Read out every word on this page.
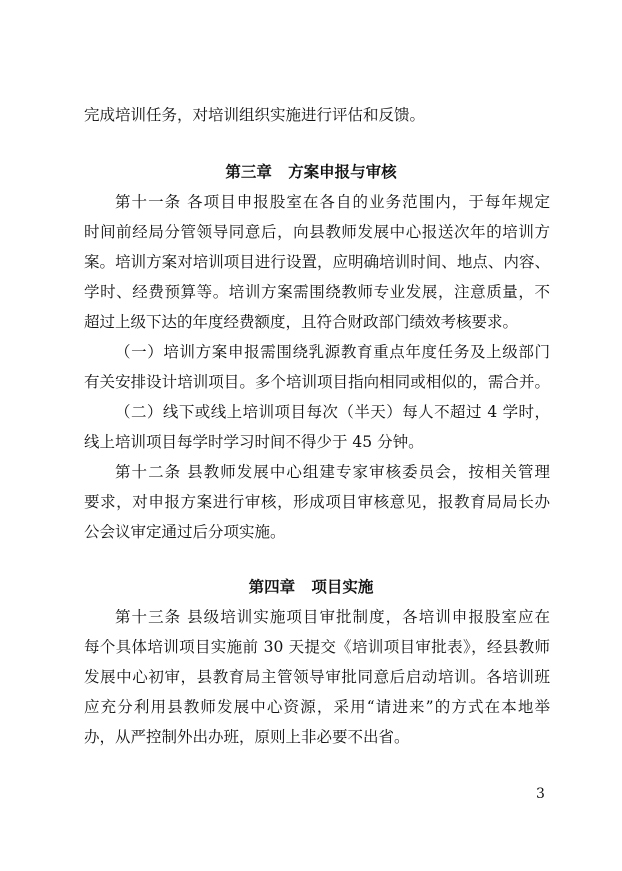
完成培训任务，对培训组织实施进行评估和反馈。
第三章   方案申报与审核
第十一条 各项目申报股室在各自的业务范围内，于每年规定
时间前经局分管领导同意后，向县教师发展中心报送次年的培训方
案。培训方案对培训项目进行设置，应明确培训时间、地点、内容、
学时、经费预算等。培训方案需围绕教师专业发展，注意质量，不
超过上级下达的年度经费额度，且符合财政部门绩效考核要求。
（一）培训方案申报需围绕乳源教育重点年度任务及上级部门
有关安排设计培训项目。多个培训项目指向相同或相似的，需合并。
（二）线下或线上培训项目每次（半天）每人不超过 4 学时，
线上培训项目每学时学习时间不得少于 45 分钟。
第十二条 县教师发展中心组建专家审核委员会，按相关管理
要求，对申报方案进行审核，形成项目审核意见，报教育局局长办
公会议审定通过后分项实施。
第四章   项目实施
第十三条 县级培训实施项目审批制度，各培训申报股室应在
每个具体培训项目实施前 30 天提交《培训项目审批表》，经县教师
发展中心初审，县教育局主管领导审批同意后启动培训。各培训班
应充分利用县教师发展中心资源，采用“请进来”的方式在本地举
办，从严控制外出办班，原则上非必要不出省。
3
